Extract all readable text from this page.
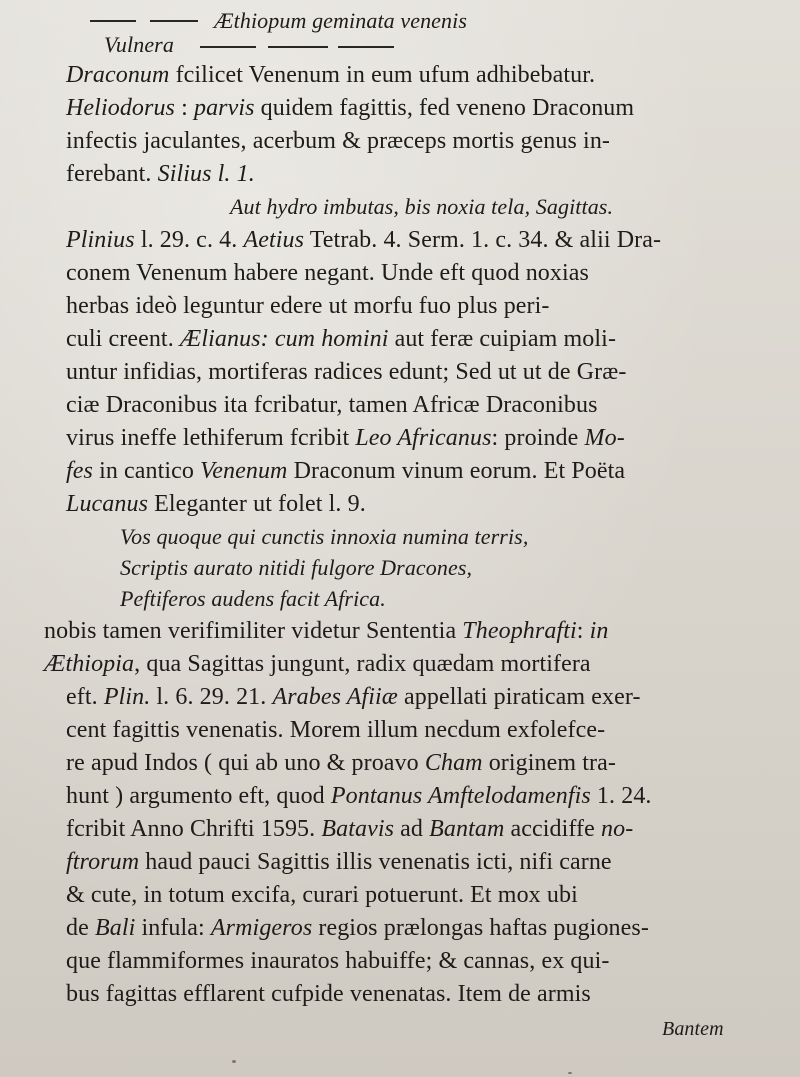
Æthiopum geminata venenis
Vulnera
Draconum fcilicet Venenum in eum ufum adhibebatur.
Heliodorus : parvis quidem fagittis, fed veneno Draconum
infectis jaculantes, acerbum & præceps mortis genus in-
ferebant. Silius l. 1.
Aut hydro imbutas, bis noxia tela, Sagittas.
Plinius l. 29. c. 4. Aetius Tetrab. 4. Serm. 1. c. 34. & alii Dra-
conem Venenum habere negant. Unde eft quod noxias
herbas ideò leguntur edere ut morfu fuo plus peri-
culi creent. Ælianus: cum homini aut feræ cuipiam moli-
untur infidias, mortiferas radices edunt; Sed ut ut de Græ-
ciæ Draconibus ita fcribatur, tamen Africæ Draconibus
virus ineffe lethiferum fcribit Leo Africanus: proinde Mo-
fes in cantico Venenum Draconum vinum eorum. Et Poëta
Lucanus Eleganter ut folet l. 9.
Vos quoque qui cunctis innoxia numina terris,
Scriptis aurato nitidi fulgore Dracones,
Peftiferos audens facit Africa.
nobis tamen verifimiliter videtur Sententia Theophrafti: in
Æthiopia, qua Sagittas jungunt, radix quædam mortifera
eft. Plin. l. 6. 29. 21. Arabes Afiiæ appellati piraticam exer-
cent fagittis venenatis. Morem illum necdum exfolefce-
re apud Indos ( qui ab uno & proavo Cham originem tra-
hunt ) argumento eft, quod Pontanus Amftelodamenfis 1. 24.
fcribit Anno Chrifti 1595. Batavis ad Bantam accidiffe no-
ftrorum haud pauci Sagittis illis venenatis icti, nifi carne
& cute, in totum excifa, curari potuerunt. Et mox ubi
de Bali infula: Armigeros regios prælongas haftas pugiones-
que flammiformes inauratos habuiffe; & cannas, ex qui-
bus fagittas efflarent cufpide venenatas. Item de armis
Bantem
